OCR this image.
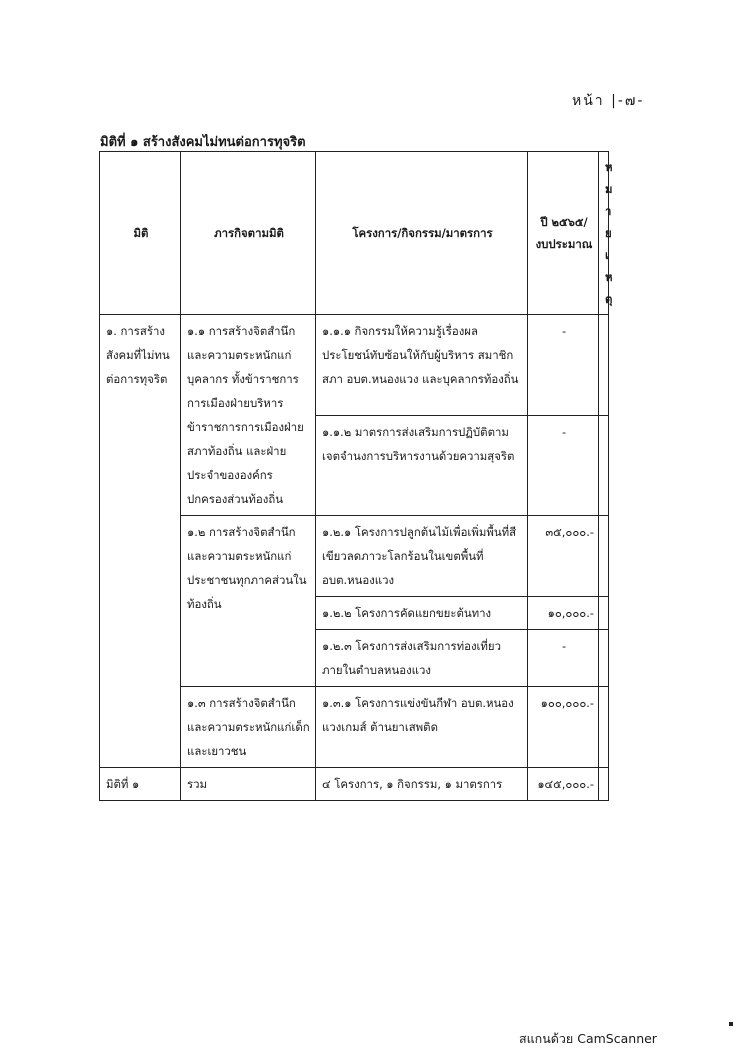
หน้า |-๗-
มิติที่ ๑ สร้างสังคมไม่ทนต่อการทุจริต
มิติ	ภารกิจตามมิติ	โครงการ/กิจกรรม/มาตรการ	ปี ๒๕๖๕/ งบประมาณ	หมาย เหตุ
๑. การสร้างสังคมที่ไม่ทนต่อการทุจริต	๑.๑ การสร้างจิตสำนึกและความตระหนักแก่บุคลากร ทั้งข้าราชการการเมืองฝ่ายบริหาร ข้าราชการการเมืองฝ่ายสภาท้องถิ่น และฝ่ายประจำขององค์กรปกครองส่วนท้องถิ่น	๑.๑.๑ กิจกรรมให้ความรู้เรื่องผลประโยชน์ทับซ้อนให้กับผู้บริหาร สมาชิกสภา อบต.หนองแวง และบุคลากรท้องถิ่น	-	
		๑.๑.๒ มาตรการส่งเสริมการปฏิบัติตามเจตจำนงการบริหารงานด้วยความสุจริต	-	
	๑.๒ การสร้างจิตสำนึกและความตระหนักแก่ประชาชนทุกภาคส่วนในท้องถิ่น	๑.๒.๑ โครงการปลูกต้นไม้เพื่อเพิ่มพื้นที่สีเขียวลดภาวะโลกร้อนในเขตพื้นที่ อบต.หนองแวง	๓๕,๐๐๐.-	
		๑.๒.๒ โครงการคัดแยกขยะต้นทาง	๑๐,๐๐๐.-	
		๑.๒.๓ โครงการส่งเสริมการท่องเที่ยวภายในตำบลหนองแวง	-	
	๑.๓ การสร้างจิตสำนึกและความตระหนักแก่เด็กและเยาวชน	๑.๓.๑ โครงการแข่งขันกีฬา อบต.หนองแวงเกมส์ ต้านยาเสพติด	๑๐๐,๐๐๐.-	
มิติที่ ๑	รวม	๔ โครงการ, ๑ กิจกรรม, ๑ มาตรการ	๑๔๕,๐๐๐.-	
สแกนด้วย CamScanner
